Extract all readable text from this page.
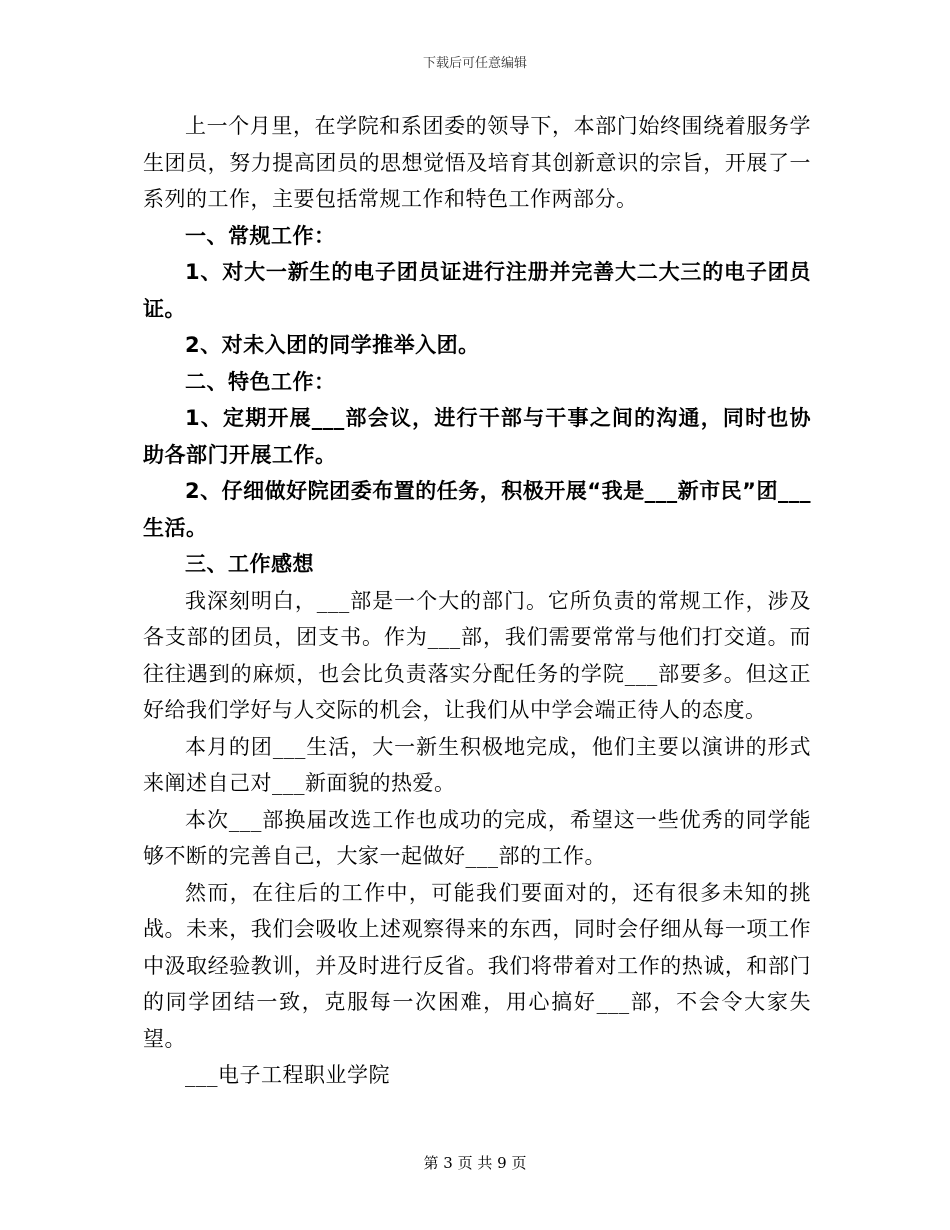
下载后可任意编辑

上一个月里，在学院和系团委的领导下，本部门始终围绕着服务学生团员，努力提高团员的思想觉悟及培育其创新意识的宗旨，开展了一系列的工作，主要包括常规工作和特色工作两部分。

一、常规工作：

1、对大一新生的电子团员证进行注册并完善大二大三的电子团员证。

2、对未入团的同学推举入团。

二、特色工作：

1、定期开展___部会议，进行干部与干事之间的沟通，同时也协助各部门开展工作。

2、仔细做好院团委布置的任务，积极开展“我是___新市民”团___生活。

三、工作感想

我深刻明白，___部是一个大的部门。它所负责的常规工作，涉及各支部的团员，团支书。作为___部，我们需要常常与他们打交道。而往往遇到的麻烦，也会比负责落实分配任务的学院___部要多。但这正好给我们学好与人交际的机会，让我们从中学会端正待人的态度。

本月的团___生活，大一新生积极地完成，他们主要以演讲的形式来阐述自己对___新面貌的热爱。

本次___部换届改选工作也成功的完成，希望这一些优秀的同学能够不断的完善自己，大家一起做好___部的工作。

然而，在往后的工作中，可能我们要面对的，还有很多未知的挑战。未来，我们会吸收上述观察得来的东西，同时会仔细从每一项工作中汲取经验教训，并及时进行反省。我们将带着对工作的热诚，和部门的同学团结一致，克服每一次困难，用心搞好___部，不会令大家失望。

___电子工程职业学院

第 3 页 共 9 页
